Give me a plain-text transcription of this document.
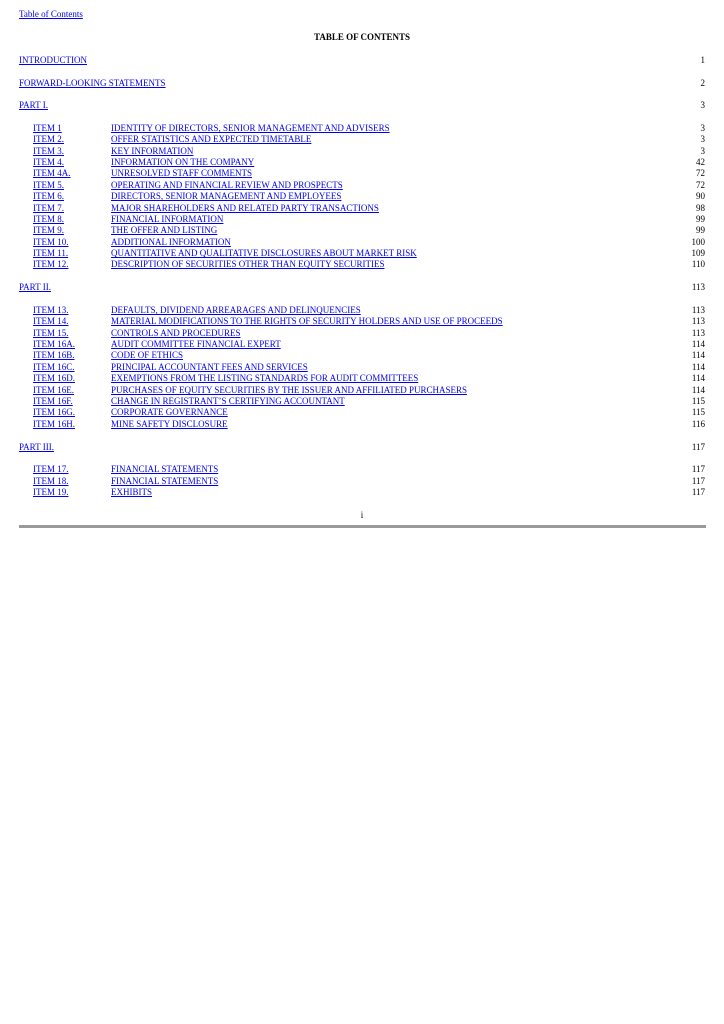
Table of Contents
TABLE OF CONTENTS
INTRODUCTION	1
FORWARD-LOOKING STATEMENTS	2
PART I.	3
ITEM 1	IDENTITY OF DIRECTORS, SENIOR MANAGEMENT AND ADVISERS	3
ITEM 2.	OFFER STATISTICS AND EXPECTED TIMETABLE	3
ITEM 3.	KEY INFORMATION	3
ITEM 4.	INFORMATION ON THE COMPANY	42
ITEM 4A.	UNRESOLVED STAFF COMMENTS	72
ITEM 5.	OPERATING AND FINANCIAL REVIEW AND PROSPECTS	72
ITEM 6.	DIRECTORS, SENIOR MANAGEMENT AND EMPLOYEES	90
ITEM 7.	MAJOR SHAREHOLDERS AND RELATED PARTY TRANSACTIONS	98
ITEM 8.	FINANCIAL INFORMATION	99
ITEM 9.	THE OFFER AND LISTING	99
ITEM 10.	ADDITIONAL INFORMATION	100
ITEM 11.	QUANTITATIVE AND QUALITATIVE DISCLOSURES ABOUT MARKET RISK	109
ITEM 12.	DESCRIPTION OF SECURITIES OTHER THAN EQUITY SECURITIES	110
PART II.	113
ITEM 13.	DEFAULTS, DIVIDEND ARREARAGES AND DELINQUENCIES	113
ITEM 14.	MATERIAL MODIFICATIONS TO THE RIGHTS OF SECURITY HOLDERS AND USE OF PROCEEDS	113
ITEM 15.	CONTROLS AND PROCEDURES	113
ITEM 16A.	AUDIT COMMITTEE FINANCIAL EXPERT	114
ITEM 16B.	CODE OF ETHICS	114
ITEM 16C.	PRINCIPAL ACCOUNTANT FEES AND SERVICES	114
ITEM 16D.	EXEMPTIONS FROM THE LISTING STANDARDS FOR AUDIT COMMITTEES	114
ITEM 16E.	PURCHASES OF EQUITY SECURITIES BY THE ISSUER AND AFFILIATED PURCHASERS	114
ITEM 16F.	CHANGE IN REGISTRANT’S CERTIFYING ACCOUNTANT	115
ITEM 16G.	CORPORATE GOVERNANCE	115
ITEM 16H.	MINE SAFETY DISCLOSURE	116
PART III.	117
ITEM 17.	FINANCIAL STATEMENTS	117
ITEM 18.	FINANCIAL STATEMENTS	117
ITEM 19.	EXHIBITS	117
i
